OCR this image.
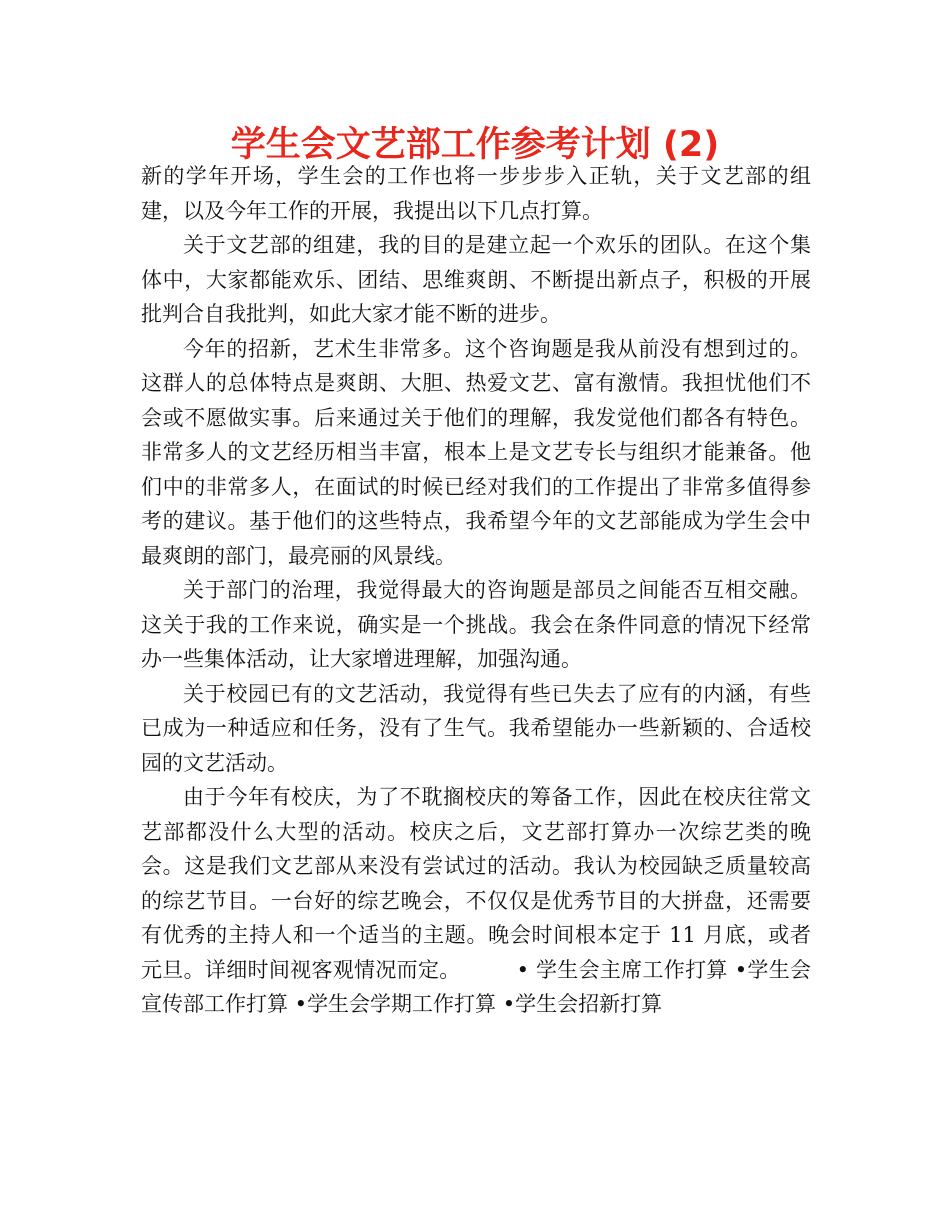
学生会文艺部工作参考计划 (2)

新的学年开场，学生会的工作也将一步步步入正轨，关于文艺部的组建，以及今年工作的开展，我提出以下几点打算。

关于文艺部的组建，我的目的是建立起一个欢乐的团队。在这个集体中，大家都能欢乐、团结、思维爽朗、不断提出新点子，积极的开展批判合自我批判，如此大家才能不断的进步。

今年的招新，艺术生非常多。这个咨询题是我从前没有想到过的。这群人的总体特点是爽朗、大胆、热爱文艺、富有激情。我担忧他们不会或不愿做实事。后来通过关于他们的理解，我发觉他们都各有特色。非常多人的文艺经历相当丰富，根本上是文艺专长与组织才能兼备。他们中的非常多人，在面试的时候已经对我们的工作提出了非常多值得参考的建议。基于他们的这些特点，我希望今年的文艺部能成为学生会中最爽朗的部门，最亮丽的风景线。

关于部门的治理，我觉得最大的咨询题是部员之间能否互相交融。这关于我的工作来说，确实是一个挑战。我会在条件同意的情况下经常办一些集体活动，让大家增进理解，加强沟通。

关于校园已有的文艺活动，我觉得有些已失去了应有的内涵，有些已成为一种适应和任务，没有了生气。我希望能办一些新颖的、合适校园的文艺活动。

由于今年有校庆，为了不耽搁校庆的筹备工作，因此在校庆往常文艺部都没什么大型的活动。校庆之后，文艺部打算办一次综艺类的晚会。这是我们文艺部从来没有尝试过的活动。我认为校园缺乏质量较高的综艺节目。一台好的综艺晚会，不仅仅是优秀节目的大拼盘，还需要有优秀的主持人和一个适当的主题。晚会时间根本定于 11 月底，或者元旦。详细时间视客观情况而定。	• 学生会主席工作打算 •学生会宣传部工作打算 •学生会学期工作打算 •学生会招新打算
